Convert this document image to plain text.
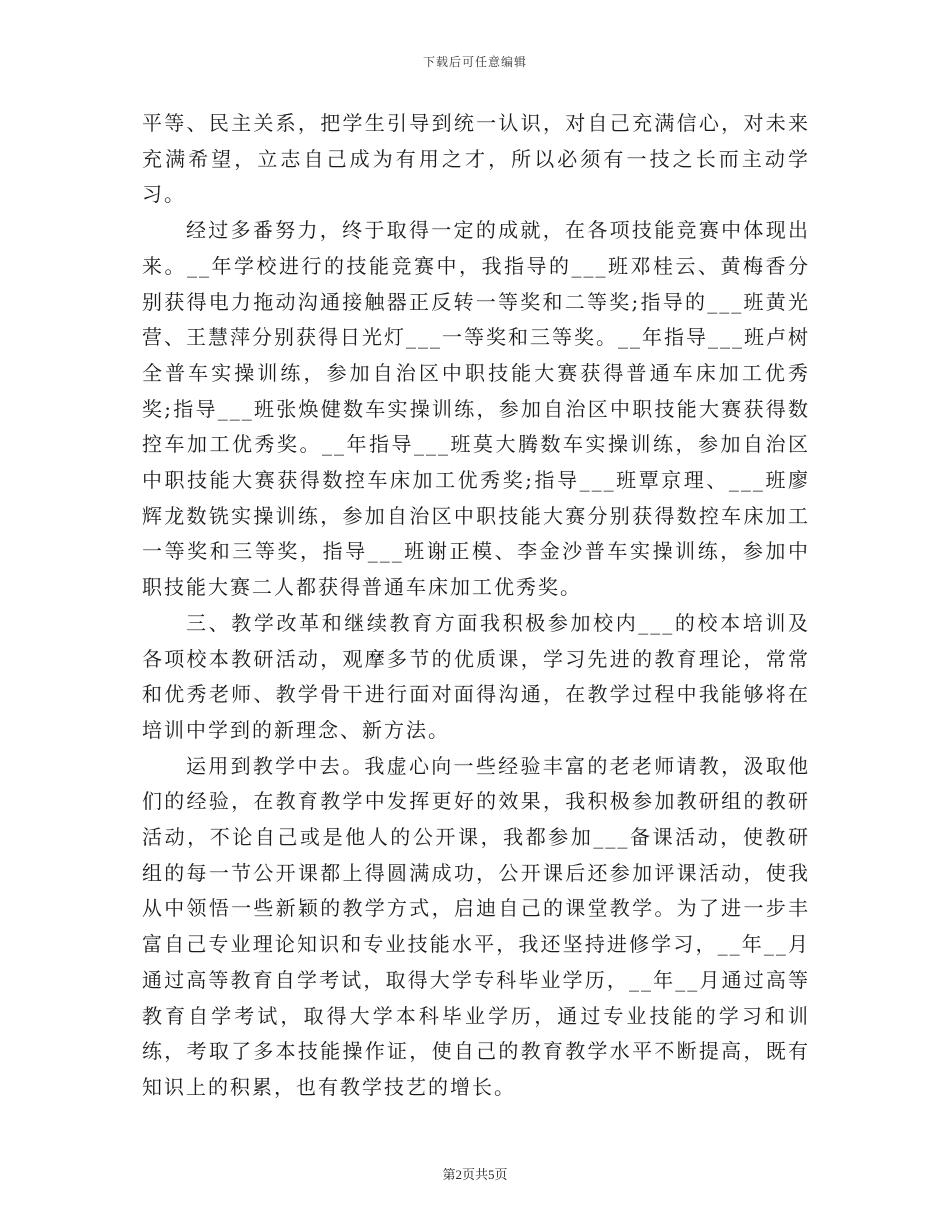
下载后可任意编辑

平等、民主关系，把学生引导到统一认识，对自己充满信心，对未来充满希望，立志自己成为有用之才，所以必须有一技之长而主动学习。

经过多番努力，终于取得一定的成就，在各项技能竞赛中体现出来。__年学校进行的技能竞赛中，我指导的___班邓桂云、黄梅香分别获得电力拖动沟通接触器正反转一等奖和二等奖;指导的___班黄光营、王慧萍分别获得日光灯___一等奖和三等奖。__年指导___班卢树全普车实操训练，参加自治区中职技能大赛获得普通车床加工优秀奖;指导___班张焕健数车实操训练，参加自治区中职技能大赛获得数控车加工优秀奖。__年指导___班莫大腾数车实操训练，参加自治区中职技能大赛获得数控车床加工优秀奖;指导___班覃京理、___班廖辉龙数铣实操训练，参加自治区中职技能大赛分别获得数控车床加工一等奖和三等奖，指导___班谢正模、李金沙普车实操训练，参加中职技能大赛二人都获得普通车床加工优秀奖。

三、教学改革和继续教育方面我积极参加校内___的校本培训及各项校本教研活动，观摩多节的优质课，学习先进的教育理论，常常和优秀老师、教学骨干进行面对面得沟通，在教学过程中我能够将在培训中学到的新理念、新方法。

运用到教学中去。我虚心向一些经验丰富的老老师请教，汲取他们的经验，在教育教学中发挥更好的效果，我积极参加教研组的教研活动，不论自己或是他人的公开课，我都参加___备课活动，使教研组的每一节公开课都上得圆满成功，公开课后还参加评课活动，使我从中领悟一些新颖的教学方式，启迪自己的课堂教学。为了进一步丰富自己专业理论知识和专业技能水平，我还坚持进修学习，__年__月通过高等教育自学考试，取得大学专科毕业学历，__年__月通过高等教育自学考试，取得大学本科毕业学历，通过专业技能的学习和训练，考取了多本技能操作证，使自己的教育教学水平不断提高，既有知识上的积累，也有教学技艺的增长。

第2页共5页
